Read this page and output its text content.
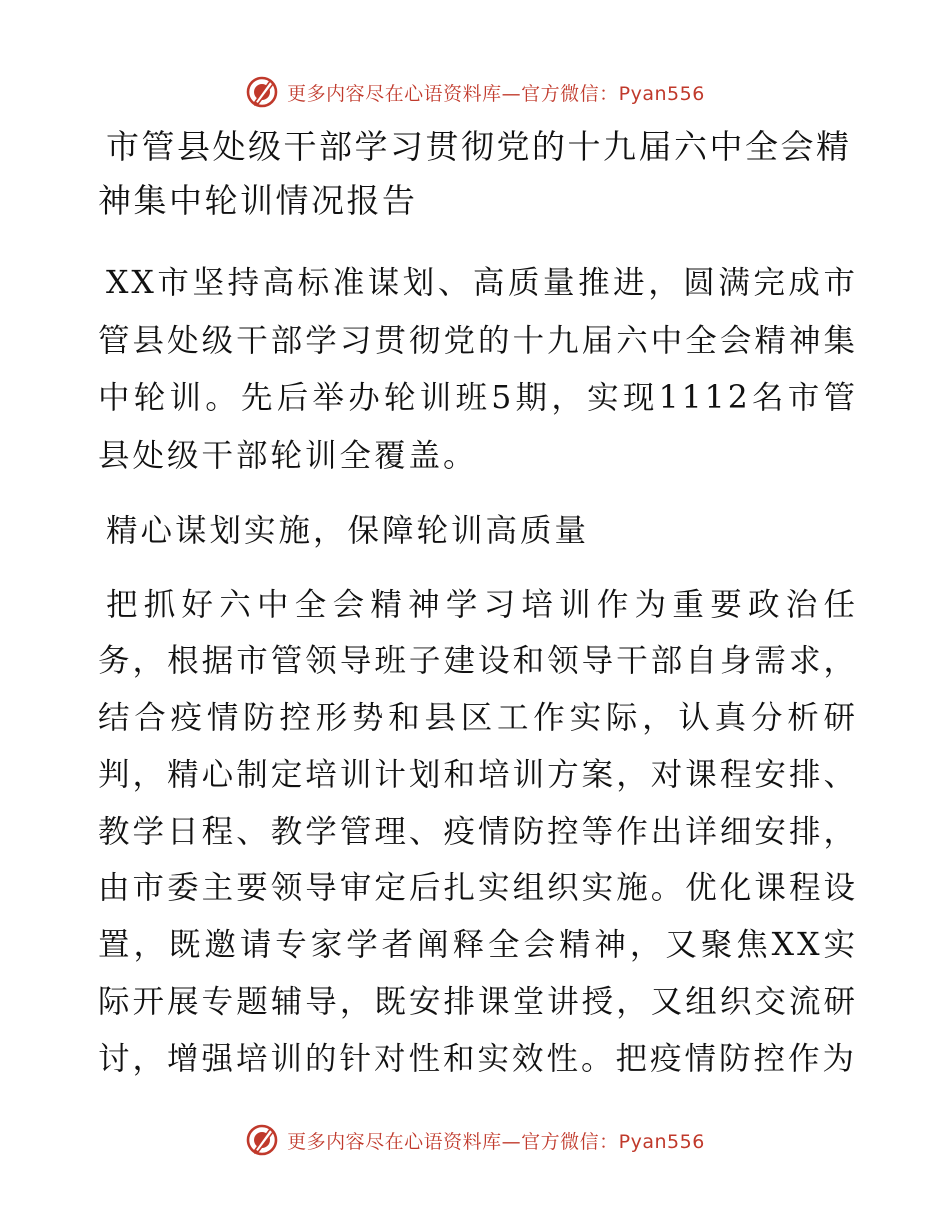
更多内容尽在心语资料库—官方微信：Pyan556
市管县处级干部学习贯彻党的十九届六中全会精神集中轮训情况报告

XX市坚持高标准谋划、高质量推进，圆满完成市管县处级干部学习贯彻党的十九届六中全会精神集中轮训。先后举办轮训班5期，实现1112名市管县处级干部轮训全覆盖。

精心谋划实施，保障轮训高质量

把抓好六中全会精神学习培训作为重要政治任务，根据市管领导班子建设和领导干部自身需求，结合疫情防控形势和县区工作实际，认真分析研判，精心制定培训计划和培训方案，对课程安排、教学日程、教学管理、疫情防控等作出详细安排，由市委主要领导审定后扎实组织实施。优化课程设置，既邀请专家学者阐释全会精神，又聚焦XX实际开展专题辅导，既安排课堂讲授，又组织交流研讨，增强培训的针对性和实效性。把疫情防控作为

更多内容尽在心语资料库—官方微信：Pyan556
